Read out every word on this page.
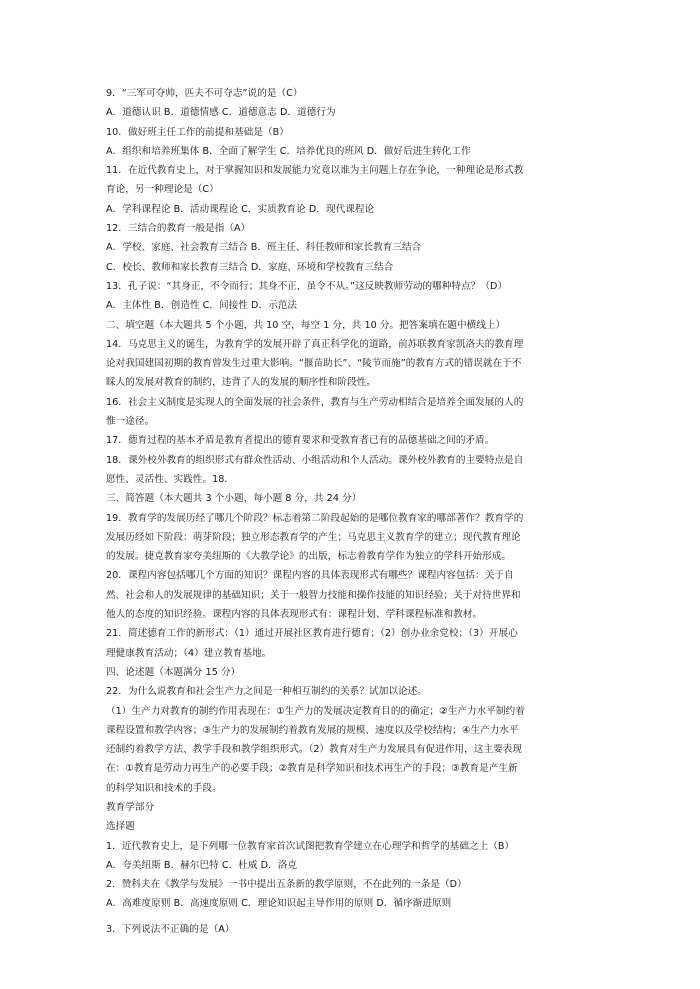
9．“三军可夺帅，匹夫不可夺志”说的是（C）
A．道德认识 B．道德情感 C．道德意志 D．道德行为
10．做好班主任工作的前提和基础是（B）
A．组织和培养班集体 B．全面了解学生 C．培养优良的班风 D．做好后进生转化工作
11．在近代教育史上，对于掌握知识和发展能力究竟以谁为主问题上存在争论，一种理论是形式教
育论，另一种理论是（C）
A．学科课程论 B．活动课程论 C．实质教育论 D．现代课程论
12．三结合的教育一般是指（A）
A．学校、家庭、社会教育三结合 B．班主任、科任教师和家长教育三结合
C．校长、教师和家长教育三结合 D．家庭、环境和学校教育三结合
13．孔子说：“其身正，不令而行；其身不正，虽令不从。”这反映教师劳动的哪种特点？（D）
A．主体性 B．创造性 C．间接性 D．示范法
二、填空题（本大题共 5 个小题，共 10 空，每空 1 分，共 10 分。把答案填在题中横线上）
14．马克思主义的诞生，为教育学的发展开辟了真正科学化的道路，前苏联教育家凯洛夫的教育理
论对我国建国初期的教育曾发生过重大影响。“揠苗助长”、“陵节而施”的教育方式的错误就在于不
睬人的发展对教育的制约，违背了人的发展的顺序性和阶段性。
16．社会主义制度是实现人的全面发展的社会条件，教育与生产劳动相结合是培养全面发展的人的
惟一途径。
17．德育过程的基本矛盾是教育者提出的德育要求和受教育者已有的品德基础之间的矛盾。
18．课外校外教育的组织形式有群众性活动、小组活动和个人活动。课外校外教育的主要特点是自
愿性、灵活性、实践性。18．
三、简答题（本大题共 3 个小题，每小题 8 分，共 24 分）
19．教育学的发展历经了哪几个阶段？标志着第二阶段起始的是哪位教育家的哪部著作？教育学的
发展历经如下阶段：萌芽阶段；独立形态教育学的产生；马克思主义教育学的建立；现代教育理论
的发展。捷克教育家夸美纽斯的《大教学论》的出版，标志着教育学作为独立的学科开始形成。
20．课程内容包括哪几个方面的知识？课程内容的具体表现形式有哪些？课程内容包括：关于自
然、社会和人的发展规律的基础知识；关于一般智力技能和操作技能的知识经验；关于对待世界和
他人的态度的知识经验。课程内容的具体表现形式有：课程计划、学科课程标准和教材。
21．简述德育工作的新形式：（1）通过开展社区教育进行德育；（2）创办业余党校；（3）开展心
理健康教育活动；（4）建立教育基地。
四、论述题（本题满分 15 分）
22．为什么说教育和社会生产力之间是一种相互制约的关系？试加以论述。
（1）生产力对教育的制约作用表现在：①生产力的发展决定教育目的的确定；②生产力水平制约着
课程设置和教学内容；③生产力的发展制约着教育发展的规模、速度以及学校结构；④生产力水平
还制约着教学方法、教学手段和教学组织形式。（2）教育对生产力发展具有促进作用，这主要表现
在：①教育是劳动力再生产的必要手段；②教育是科学知识和技术再生产的手段；③教育是产生新
的科学知识和技术的手段。
教育学部分
选择题
1．近代教育史上，是下列哪一位教育家首次试图把教育学建立在心理学和哲学的基础之上（B）
A．夸美纽斯 B．赫尔巴特 C．杜威 D．洛克
2．赞科夫在《教学与发展》一书中提出五条新的教学原则，不在此列的一条是（D）
A．高难度原则 B．高速度原则 C．理论知识起主导作用的原则 D．循序渐进原则
3．下列说法不正确的是（A）
